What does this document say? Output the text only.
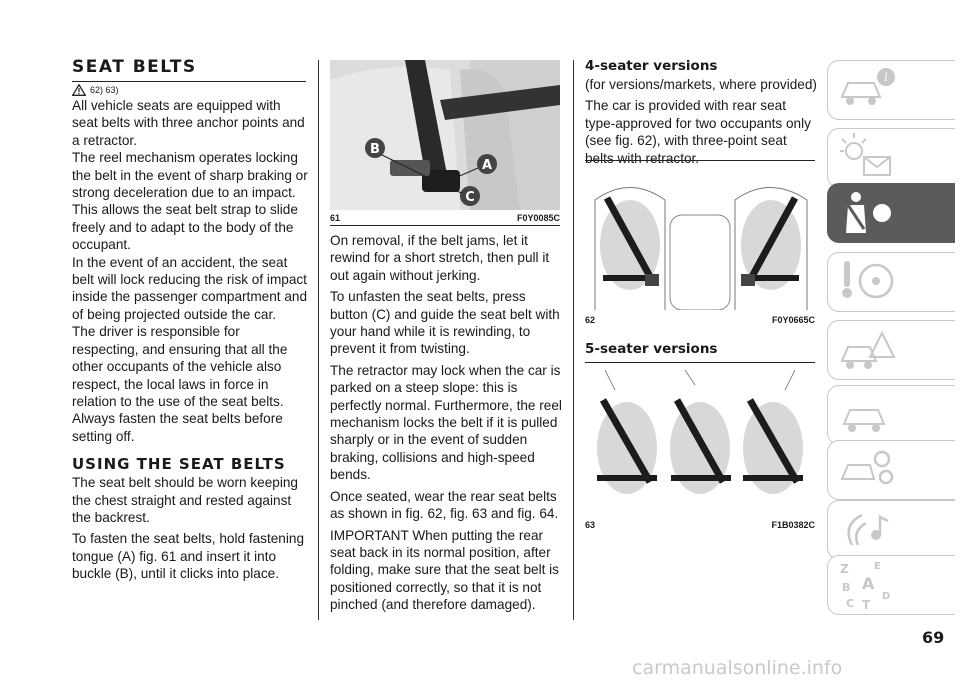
SEAT BELTS
62) 63)

All vehicle seats are equipped with seat belts with three anchor points and a retractor.

The reel mechanism operates locking the belt in the event of sharp braking or strong deceleration due to an impact. This allows the seat belt strap to slide freely and to adapt to the body of the occupant.

In the event of an accident, the seat belt will lock reducing the risk of impact inside the passenger compartment and of being projected outside the car.

The driver is responsible for respecting, and ensuring that all the other occupants of the vehicle also respect, the local laws in force in relation to the use of the seat belts.

Always fasten the seat belts before setting off.

USING THE SEAT BELTS

The seat belt should be worn keeping the chest straight and rested against the backrest.

To fasten the seat belts, hold fastening tongue (A) fig. 61 and insert it into buckle (B), until it clicks into place.

B
A
C
61	F0Y0085C

On removal, if the belt jams, let it rewind for a short stretch, then pull it out again without jerking.

To unfasten the seat belts, press button (C) and guide the seat belt with your hand while it is rewinding, to prevent it from twisting.

The retractor may lock when the car is parked on a steep slope: this is perfectly normal. Furthermore, the reel mechanism locks the belt if it is pulled sharply or in the event of sudden braking, collisions and high-speed bends.

Once seated, wear the rear seat belts as shown in fig. 62, fig. 63 and fig. 64.

IMPORTANT When putting the rear seat back in its normal position, after folding, make sure that the seat belt is positioned correctly, so that it is not pinched (and therefore damaged).

4-seater versions

(for versions/markets, where provided)

The car is provided with rear seat type-approved for two occupants only (see fig. 62), with three-point seat belts with retractor.

62	F0Y0665C
5-seater versions
63	F1B0382C
i
Z	E
B A
C
D
T
69
carmanualsonline.info
